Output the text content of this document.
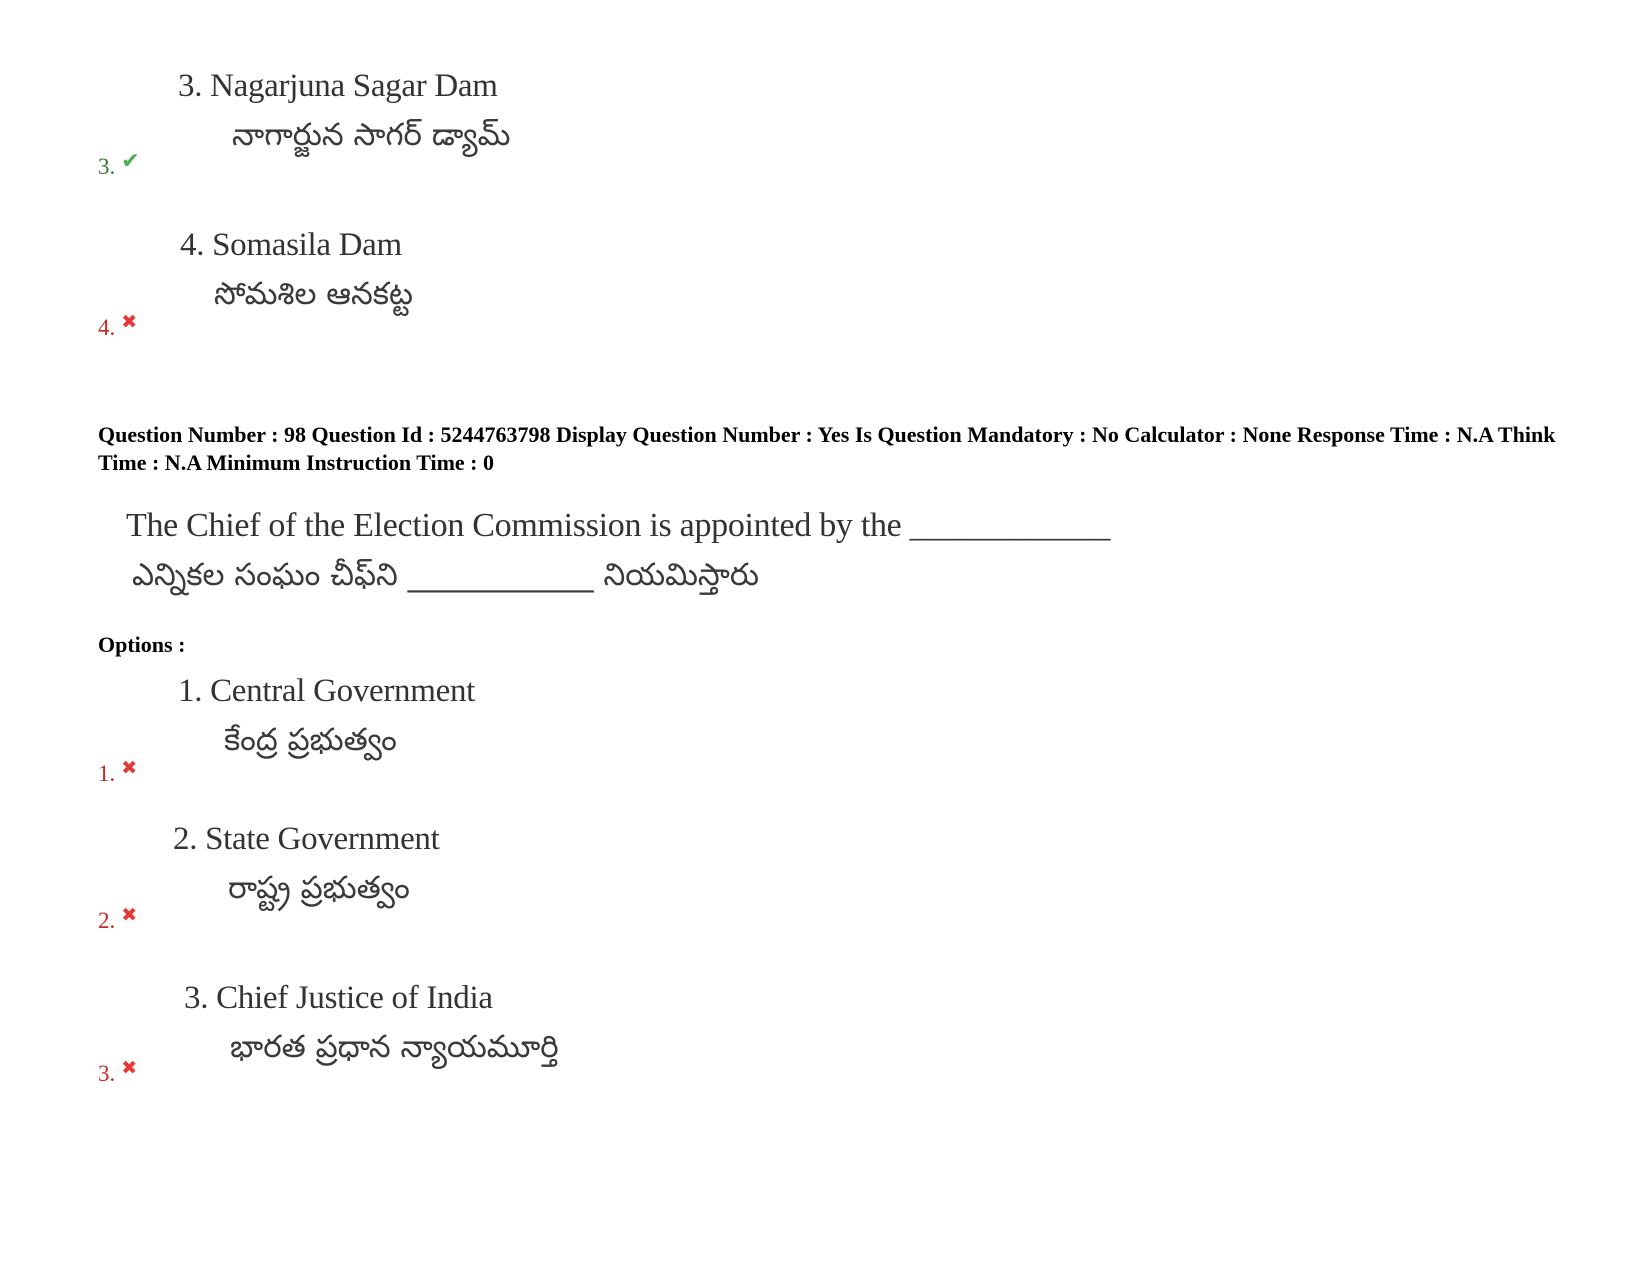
3. Nagarjuna Sagar Dam
నాగార్జున సాగర్ డ్యామ్
3. ✔
4. Somasila Dam
సోమశిల ఆనకట్ట
4. ✖
Question Number : 98 Question Id : 5244763798 Display Question Number : Yes Is Question Mandatory : No Calculator : None Response Time : N.A Think Time : N.A Minimum Instruction Time : 0
The Chief of the Election Commission is appointed by the ____________
ఎన్నికల సంఘం చీఫ్‌ని ____________ నియమిస్తారు
Options :
1. Central Government
కేంద్ర ప్రభుత్వం
1. ✖
2. State Government
రాష్ట్ర ప్రభుత్వం
2. ✖
3. Chief Justice of India
భారత ప్రధాన న్యాయమూర్తి
3. ✖
